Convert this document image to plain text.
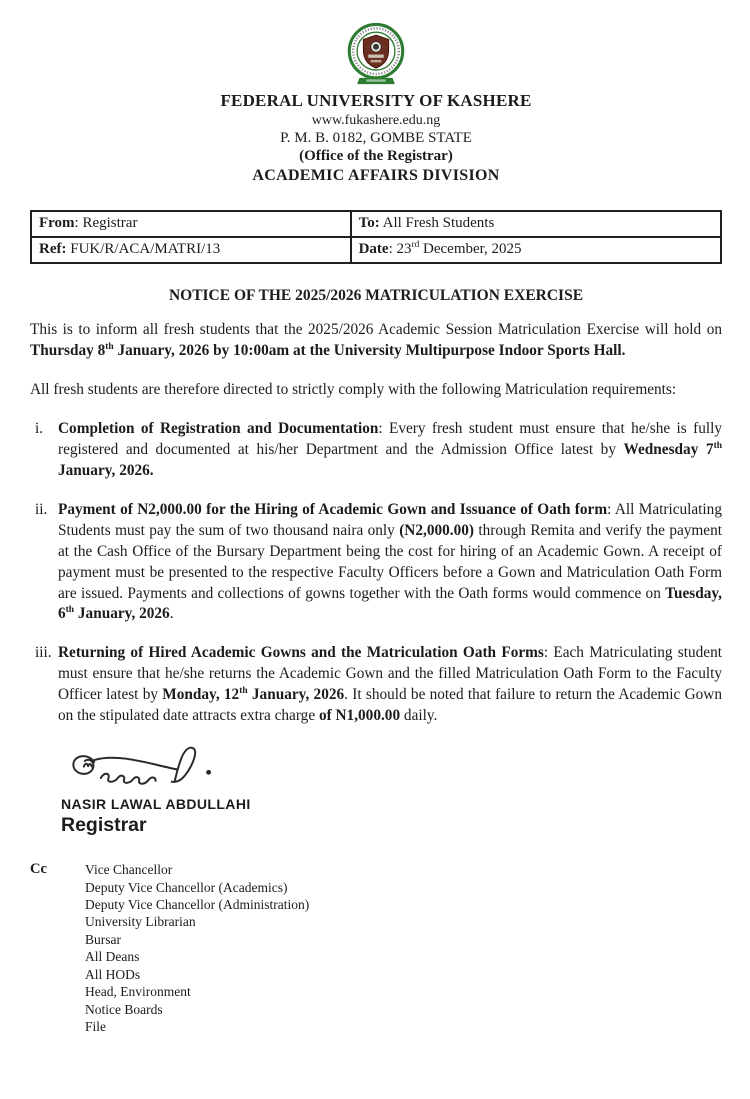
FEDERAL UNIVERSITY OF KASHERE
www.fukashere.edu.ng
P. M. B. 0182, GOMBE STATE
(Office of the Registrar)
ACADEMIC AFFAIRS DIVISION
From: Registrar	To: All Fresh Students
Ref: FUK/R/ACA/MATRI/13	Date: 23rd December, 2025
NOTICE OF THE 2025/2026 MATRICULATION EXERCISE

This is to inform all fresh students that the 2025/2026 Academic Session Matriculation Exercise will hold on Thursday 8th January, 2026 by 10:00am at the University Multipurpose Indoor Sports Hall.

All fresh students are therefore directed to strictly comply with the following Matriculation requirements:

i. Completion of Registration and Documentation: Every fresh student must ensure that he/she is fully registered and documented at his/her Department and the Admission Office latest by Wednesday 7th January, 2026.
ii. Payment of N2,000.00 for the Hiring of Academic Gown and Issuance of Oath form: All Matriculating Students must pay the sum of two thousand naira only (N2,000.00) through Remita and verify the payment at the Cash Office of the Bursary Department being the cost for hiring of an Academic Gown. A receipt of payment must be presented to the respective Faculty Officers before a Gown and Matriculation Oath Form are issued. Payments and collections of gowns together with the Oath forms would commence on Tuesday, 6th January, 2026.
iii. Returning of Hired Academic Gowns and the Matriculation Oath Forms: Each Matriculating student must ensure that he/she returns the Academic Gown and the filled Matriculation Oath Form to the Faculty Officer latest by Monday, 12th January, 2026. It should be noted that failure to return the Academic Gown on the stipulated date attracts extra charge of N1,000.00 daily.
NASIR LAWAL ABDULLAHI
Registrar
Cc	Vice Chancellor
Deputy Vice Chancellor (Academics)
Deputy Vice Chancellor (Administration)
University Librarian
Bursar
All Deans
All HODs
Head, Environment
Notice Boards
File
